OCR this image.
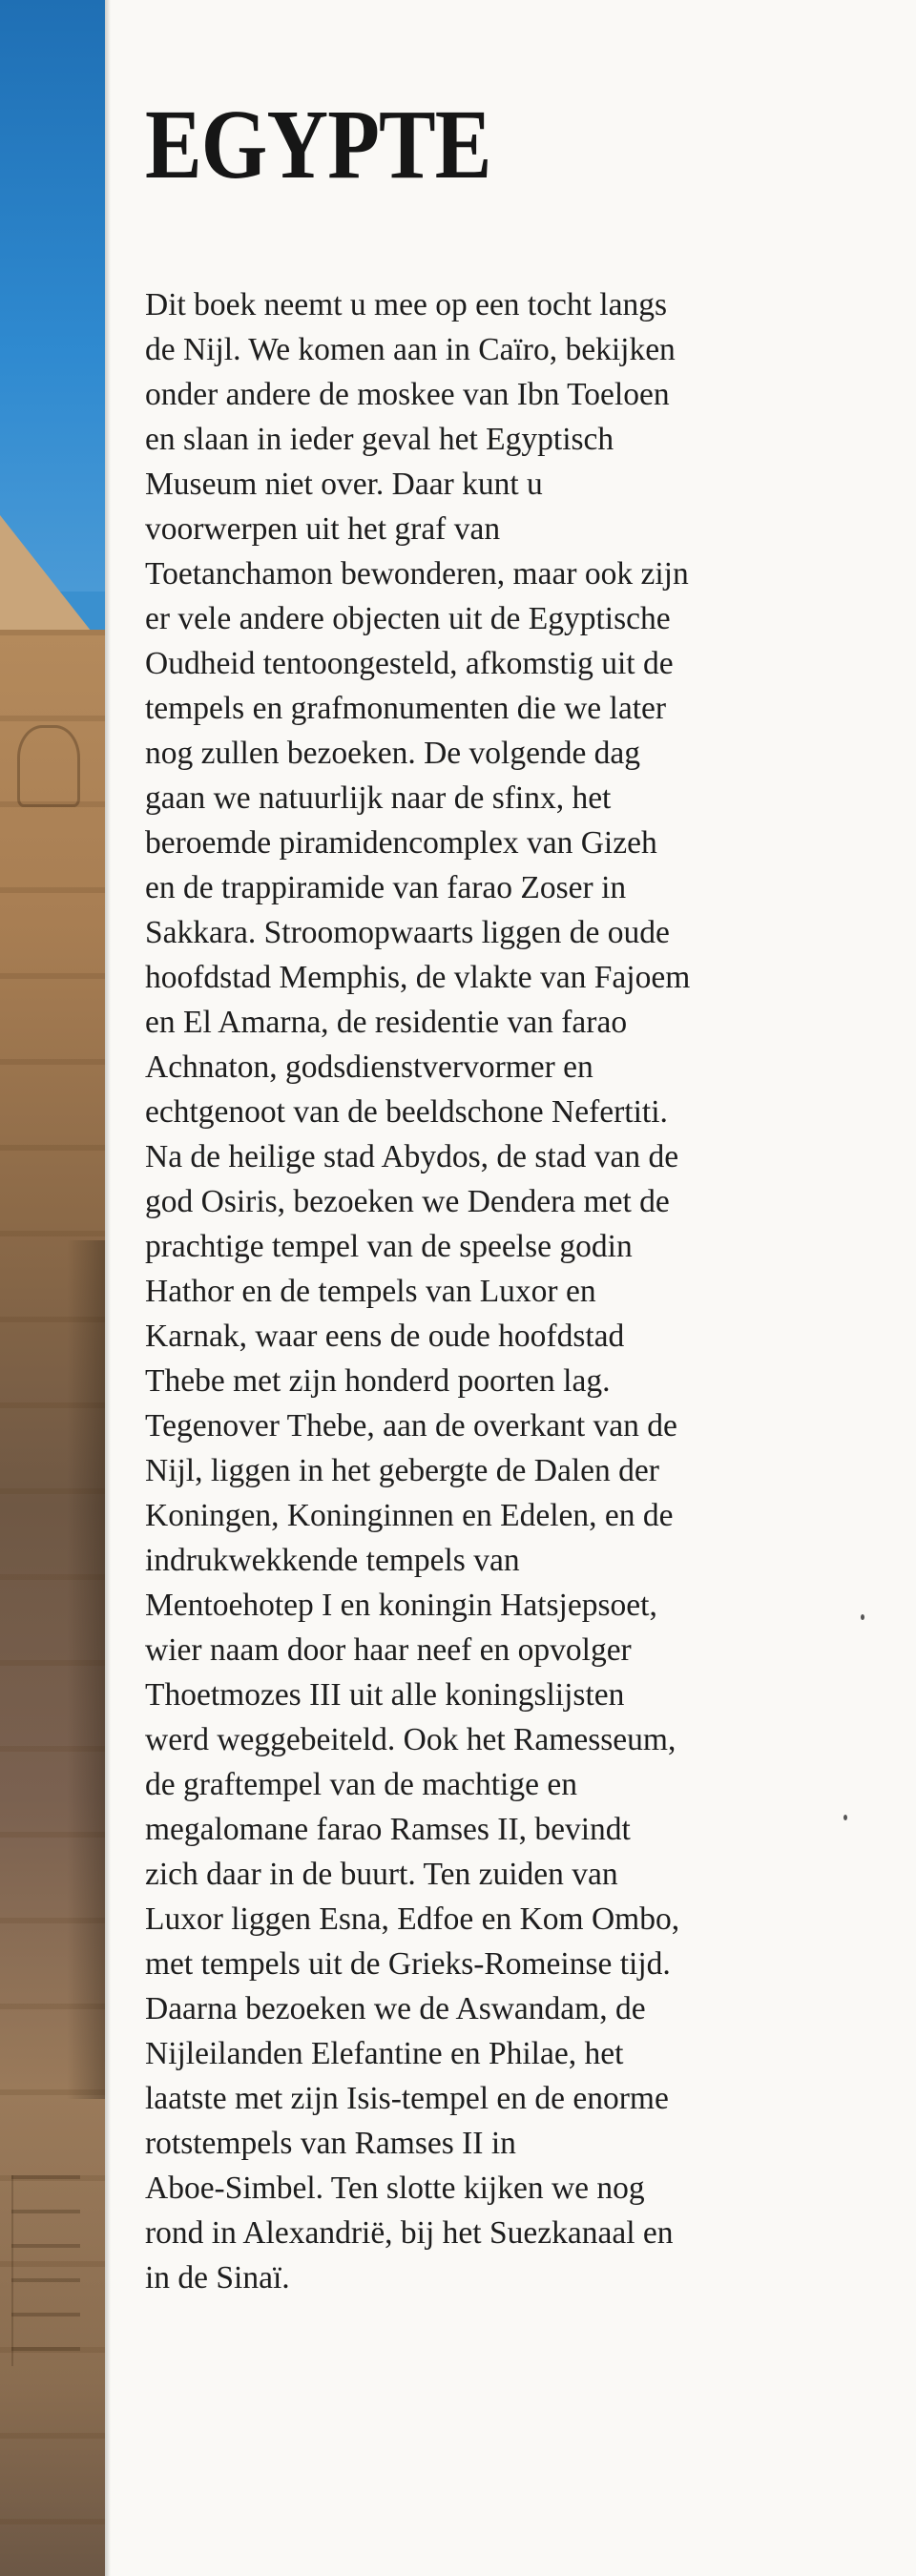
EGYPTE
Dit boek neemt u mee op een tocht langs
de Nijl. We komen aan in Caïro, bekijken
onder andere de moskee van Ibn Toeloen
en slaan in ieder geval het Egyptisch
Museum niet over. Daar kunt u
voorwerpen uit het graf van
Toetanchamon bewonderen, maar ook zijn
er vele andere objecten uit de Egyptische
Oudheid tentoongesteld, afkomstig uit de
tempels en grafmonumenten die we later
nog zullen bezoeken. De volgende dag
gaan we natuurlijk naar de sfinx, het
beroemde piramidencomplex van Gizeh
en de trappiramide van farao Zoser in
Sakkara. Stroomopwaarts liggen de oude
hoofdstad Memphis, de vlakte van Fajoem
en El Amarna, de residentie van farao
Achnaton, godsdienstvervormer en
echtgenoot van de beeldschone Nefertiti.
Na de heilige stad Abydos, de stad van de
god Osiris, bezoeken we Dendera met de
prachtige tempel van de speelse godin
Hathor en de tempels van Luxor en
Karnak, waar eens de oude hoofdstad
Thebe met zijn honderd poorten lag.
Tegenover Thebe, aan de overkant van de
Nijl, liggen in het gebergte de Dalen der
Koningen, Koninginnen en Edelen, en de
indrukwekkende tempels van
Mentoehotep I en koningin Hatsjepsoet,
wier naam door haar neef en opvolger
Thoetmozes III uit alle koningslijsten
werd weggebeiteld. Ook het Ramesseum,
de graftempel van de machtige en
megalomane farao Ramses II, bevindt
zich daar in de buurt. Ten zuiden van
Luxor liggen Esna, Edfoe en Kom Ombo,
met tempels uit de Grieks-Romeinse tijd.
Daarna bezoeken we de Aswandam, de
Nijleilanden Elefantine en Philae, het
laatste met zijn Isis-tempel en de enorme
rotstempels van Ramses II in
Aboe-Simbel. Ten slotte kijken we nog
rond in Alexandrië, bij het Suezkanaal en
in de Sinaï.
